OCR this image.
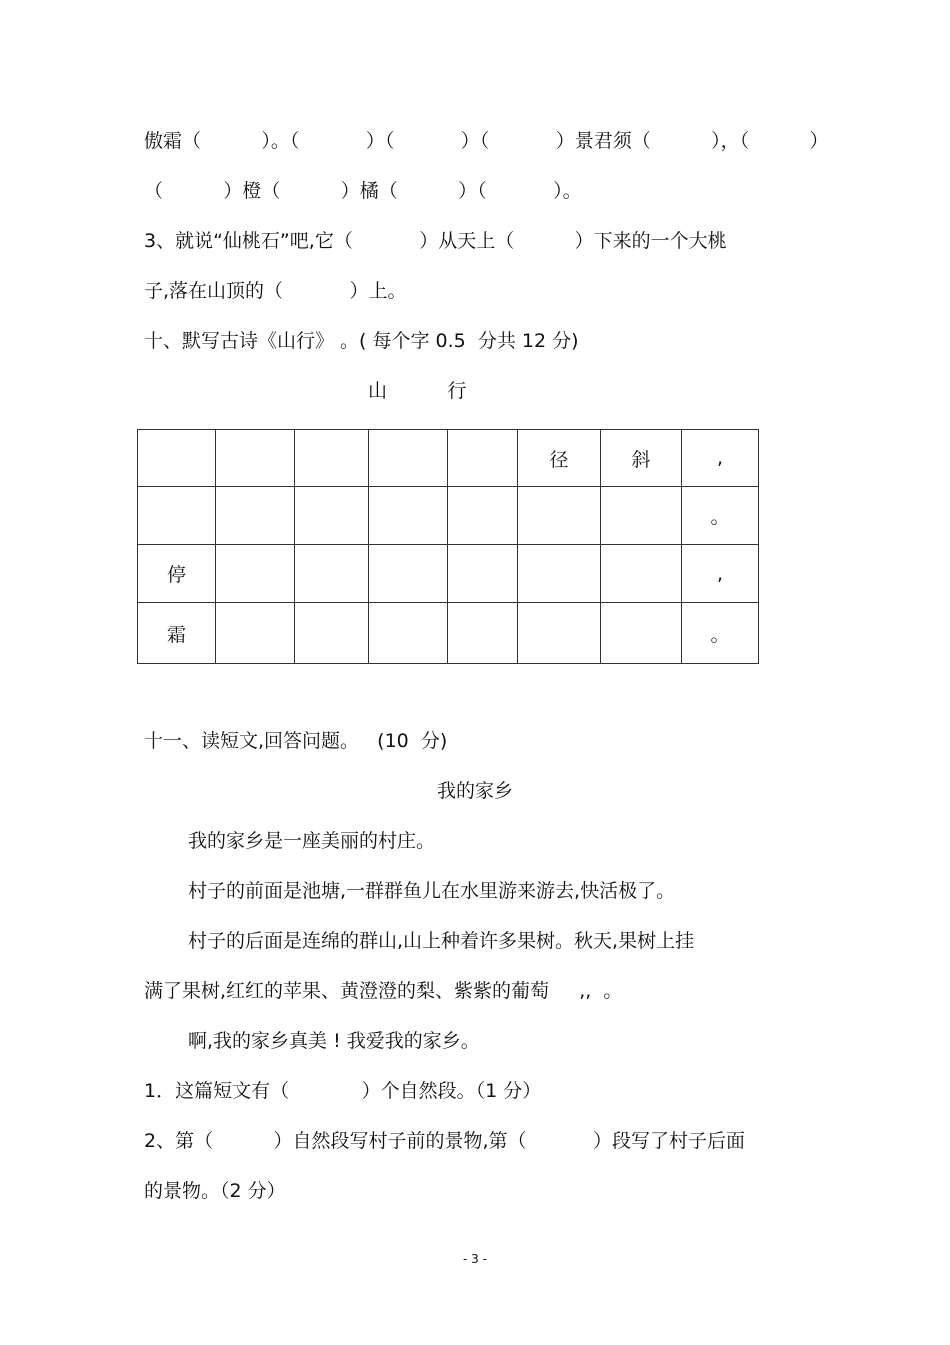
傲霜（          ）。（           ）（           ）（           ）景君须（          ），（          ）
（          ）橙（          ）橘（          ）（           ）。
3、就说“仙桃石”吧,它（           ）从天上（          ）下来的一个大桃
子,落在山顶的（           ）上。
十、默写古诗《山行》 。( 每个字 0.5  分共 12 分)
山          行
					径	斜	,
							。
停							,
霜							。
十一、读短文,回答问题。   (10  分)
我的家乡
我的家乡是一座美丽的村庄。
村子的前面是池塘,一群群鱼儿在水里游来游去,快活极了。
村子的后面是连绵的群山,山上种着许多果树。秋天,果树上挂
满了果树,红红的苹果、黄澄澄的梨、紫紫的葡萄     ,,  。
啊,我的家乡真美 ! 我爱我的家乡。
1．这篇短文有（            ）个自然段。（1 分）
2、第（          ）自然段写村子前的景物,第（           ）段写了村子后面
的景物。（2 分）
- 3 -
